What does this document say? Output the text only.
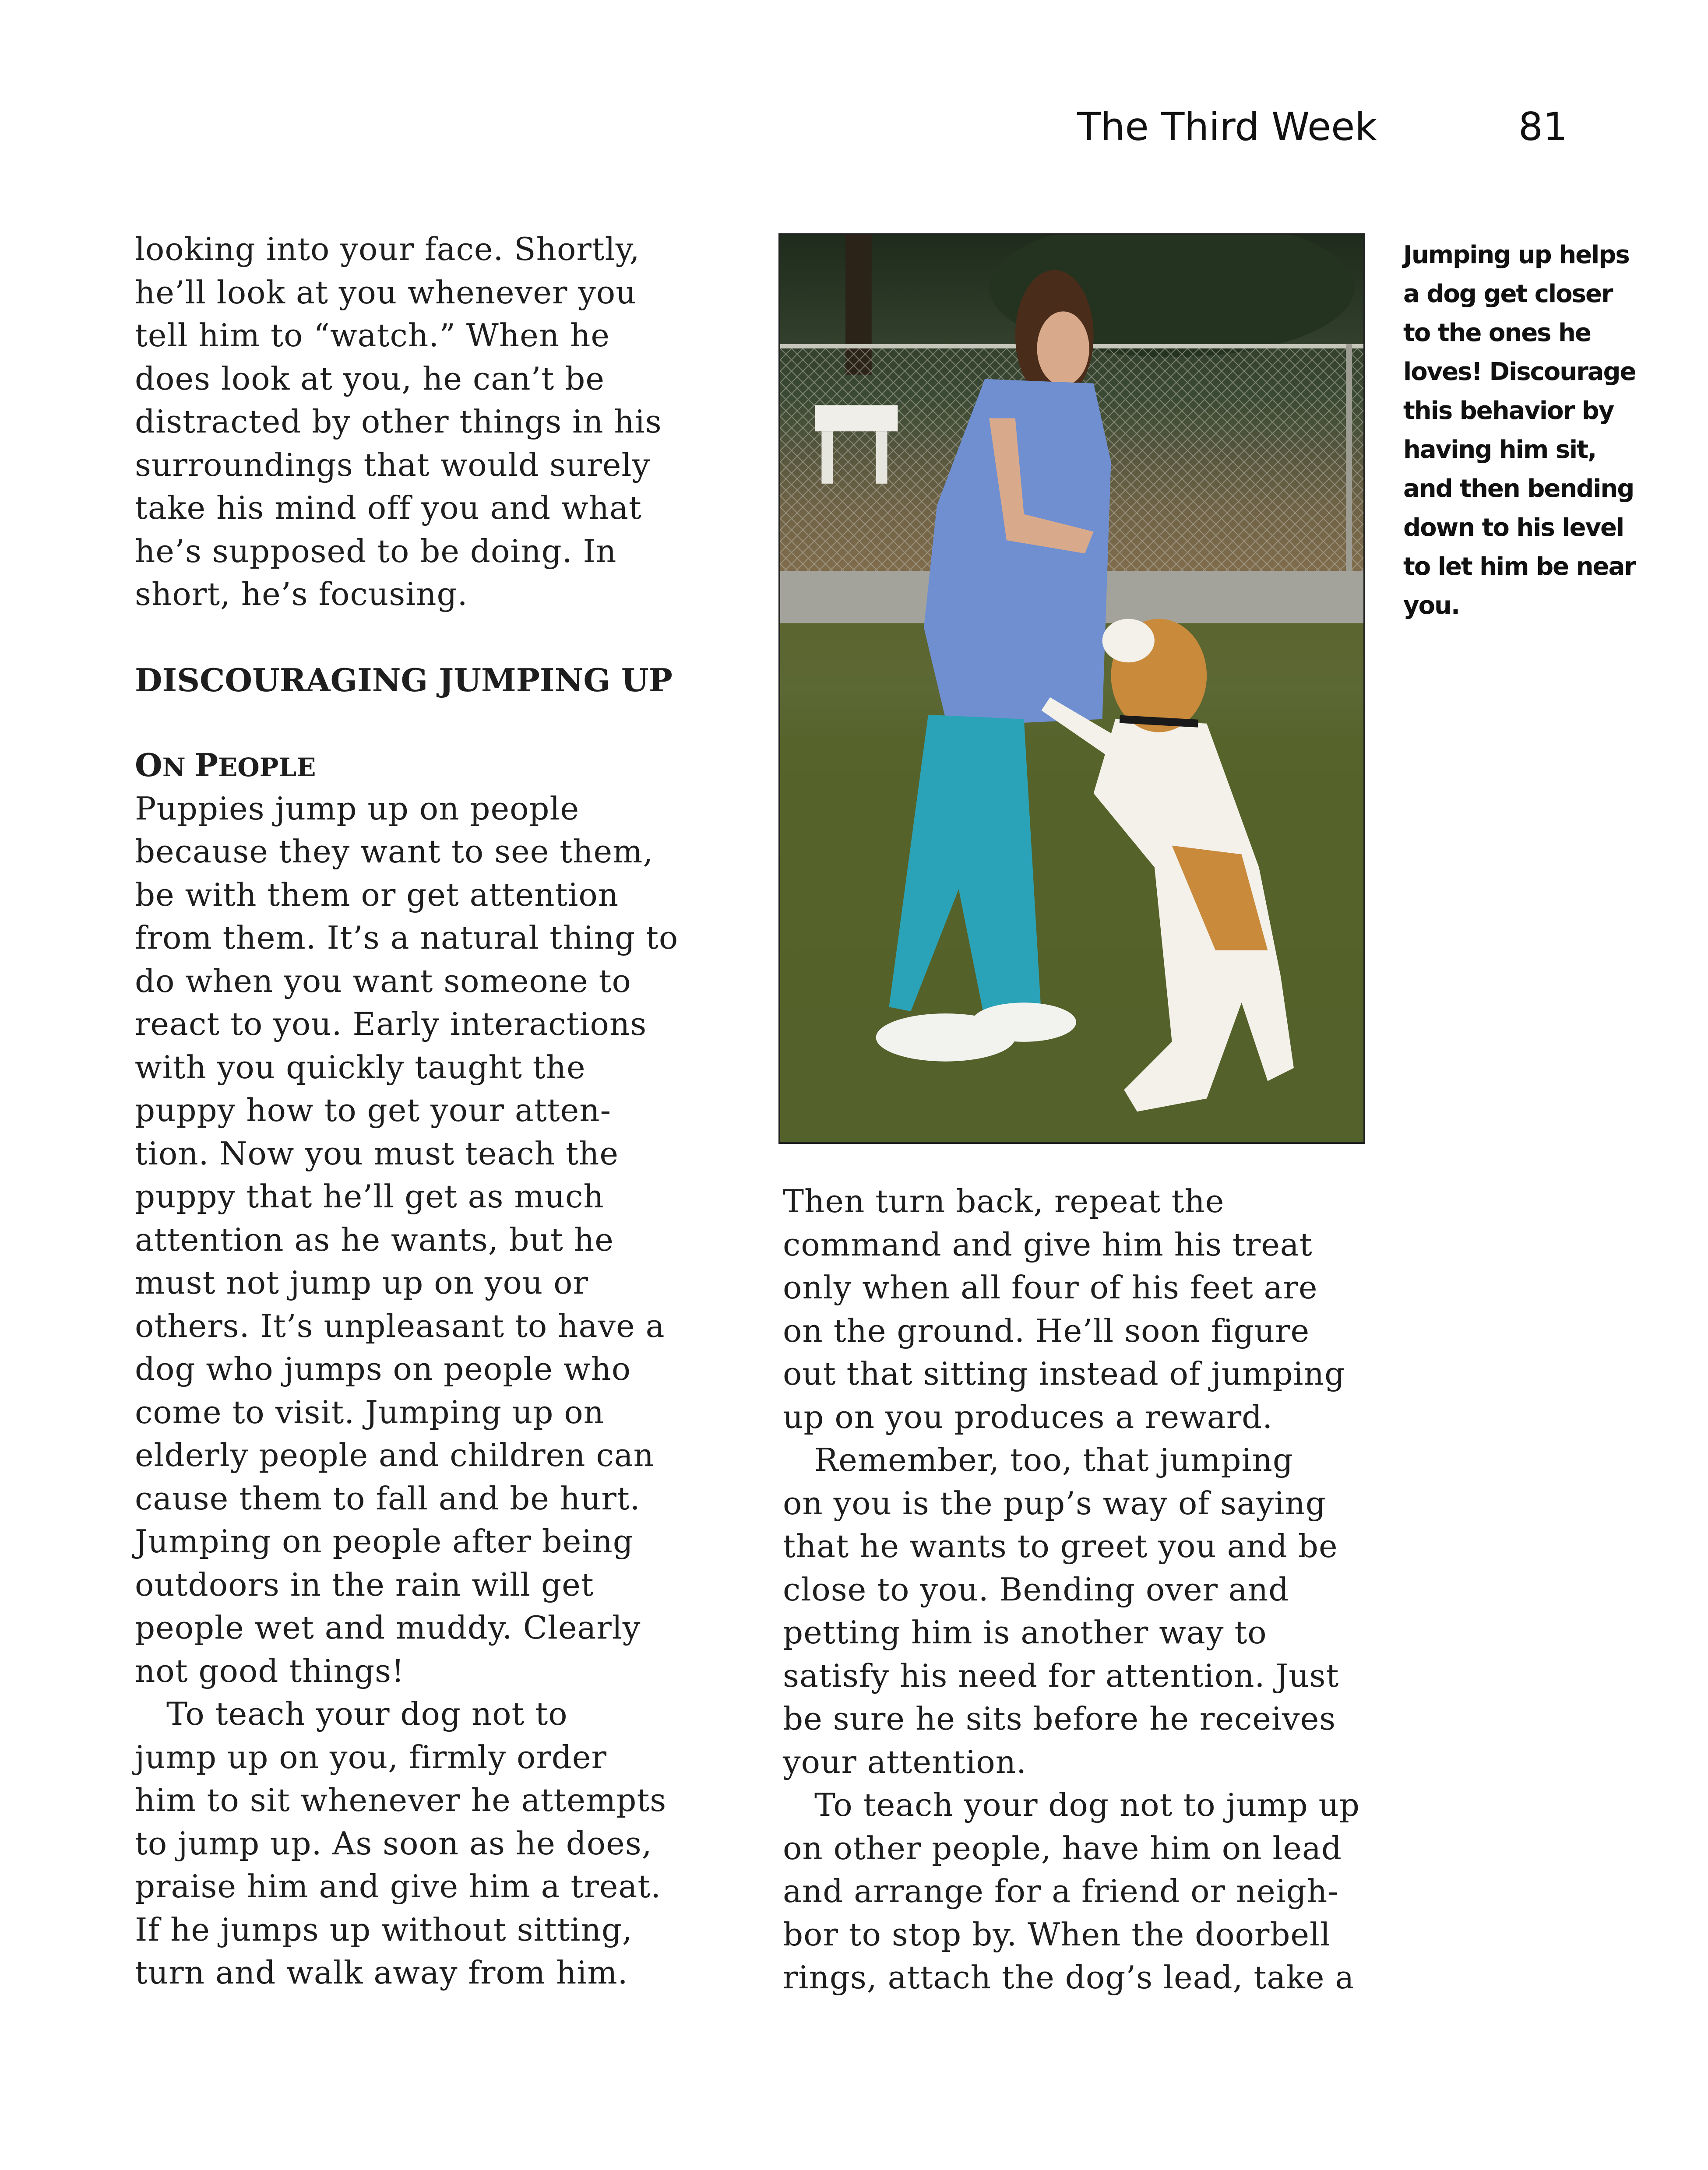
The Third Week	81
looking into your face. Shortly,
he’ll look at you whenever you
tell him to “watch.” When he
does look at you, he can’t be
distracted by other things in his
surroundings that would surely
take his mind off you and what
he’s supposed to be doing. In
short, he’s focusing.
DISCOURAGING JUMPING UP
ON PEOPLE
Puppies jump up on people
because they want to see them,
be with them or get attention
from them. It’s a natural thing to
do when you want someone to
react to you. Early interactions
with you quickly taught the
puppy how to get your atten-
tion. Now you must teach the
puppy that he’ll get as much
attention as he wants, but he
must not jump up on you or
others. It’s unpleasant to have a
dog who jumps on people who
come to visit. Jumping up on
elderly people and children can
cause them to fall and be hurt.
Jumping on people after being
outdoors in the rain will get
people wet and muddy. Clearly
not good things!
To teach your dog not to
jump up on you, firmly order
him to sit whenever he attempts
to jump up. As soon as he does,
praise him and give him a treat.
If he jumps up without sitting,
turn and walk away from him.
Jumping up helps
a dog get closer
to the ones he
loves! Discourage
this behavior by
having him sit,
and then bending
down to his level
to let him be near
you.
Then turn back, repeat the
command and give him his treat
only when all four of his feet are
on the ground. He’ll soon figure
out that sitting instead of jumping
up on you produces a reward.
Remember, too, that jumping
on you is the pup’s way of saying
that he wants to greet you and be
close to you. Bending over and
petting him is another way to
satisfy his need for attention. Just
be sure he sits before he receives
your attention.
To teach your dog not to jump up
on other people, have him on lead
and arrange for a friend or neigh-
bor to stop by. When the doorbell
rings, attach the dog’s lead, take a
